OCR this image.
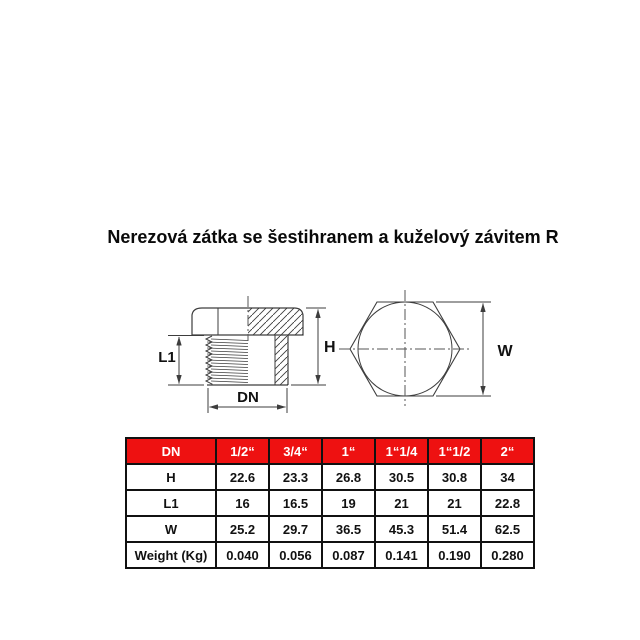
Nerezová zátka se šestihranem a kuželový závitem R
L1
H
DN
W
DN	1/2“	3/4“	1“	1“1/4	1“1/2	2“
H	22.6	23.3	26.8	30.5	30.8	34
L1	16	16.5	19	21	21	22.8
W	25.2	29.7	36.5	45.3	51.4	62.5
Weight (Kg)	0.040	0.056	0.087	0.141	0.190	0.280
